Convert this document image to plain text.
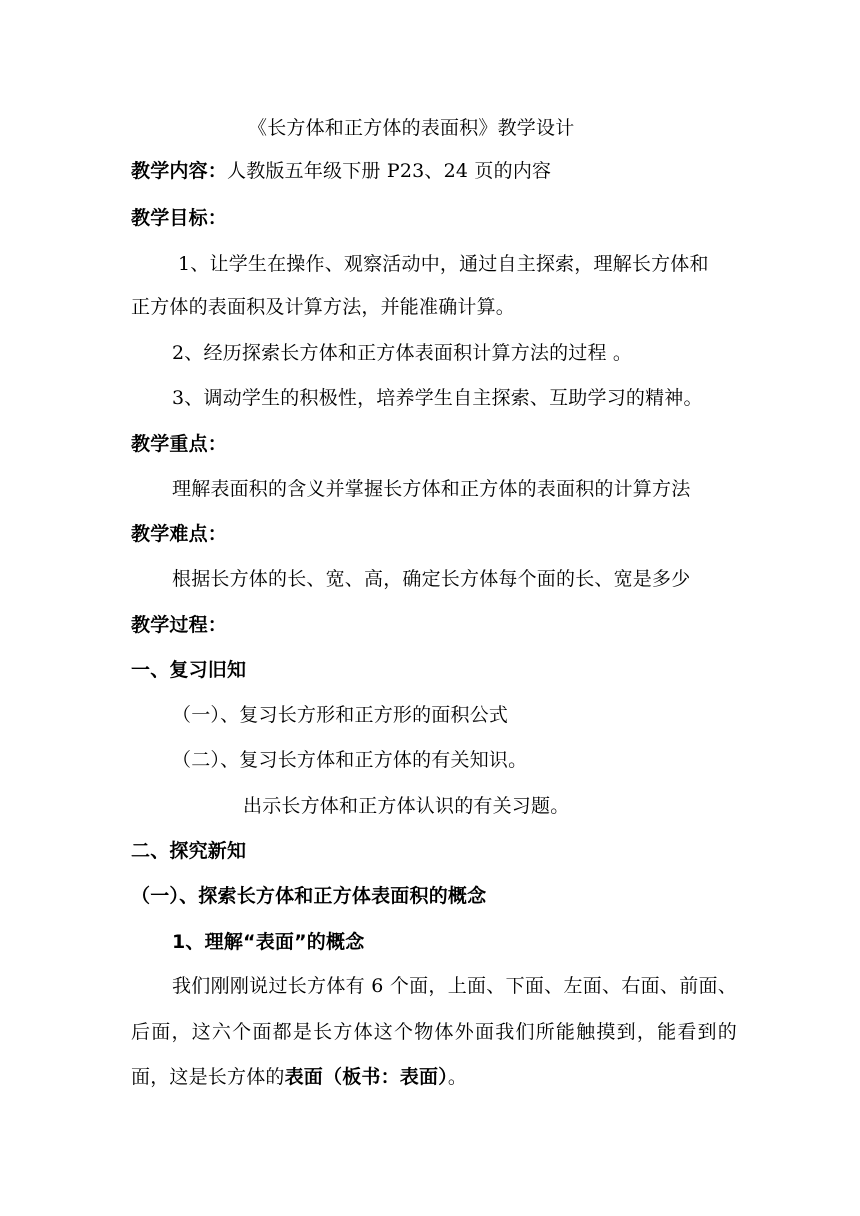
《长方体和正方体的表面积》教学设计
教学内容：人教版五年级下册 P23、24 页的内容
教学目标：
1、让学生在操作、观察活动中，通过自主探索，理解长方体和
正方体的表面积及计算方法，并能准确计算。
2、经历探索长方体和正方体表面积计算方法的过程 。
3、调动学生的积极性，培养学生自主探索、互助学习的精神。
教学重点：
理解表面积的含义并掌握长方体和正方体的表面积的计算方法
教学难点：
根据长方体的长、宽、高，确定长方体每个面的长、宽是多少
教学过程：
一、复习旧知
（一）、复习长方形和正方形的面积公式
（二）、复习长方体和正方体的有关知识。
出示长方体和正方体认识的有关习题。
二、探究新知
（一）、探索长方体和正方体表面积的概念
1、理解“表面”的概念
我们刚刚说过长方体有 6 个面，上面、下面、左面、右面、前面、
后面，这六个面都是长方体这个物体外面我们所能触摸到，能看到的
面，这是长方体的表面（板书：表面）。
